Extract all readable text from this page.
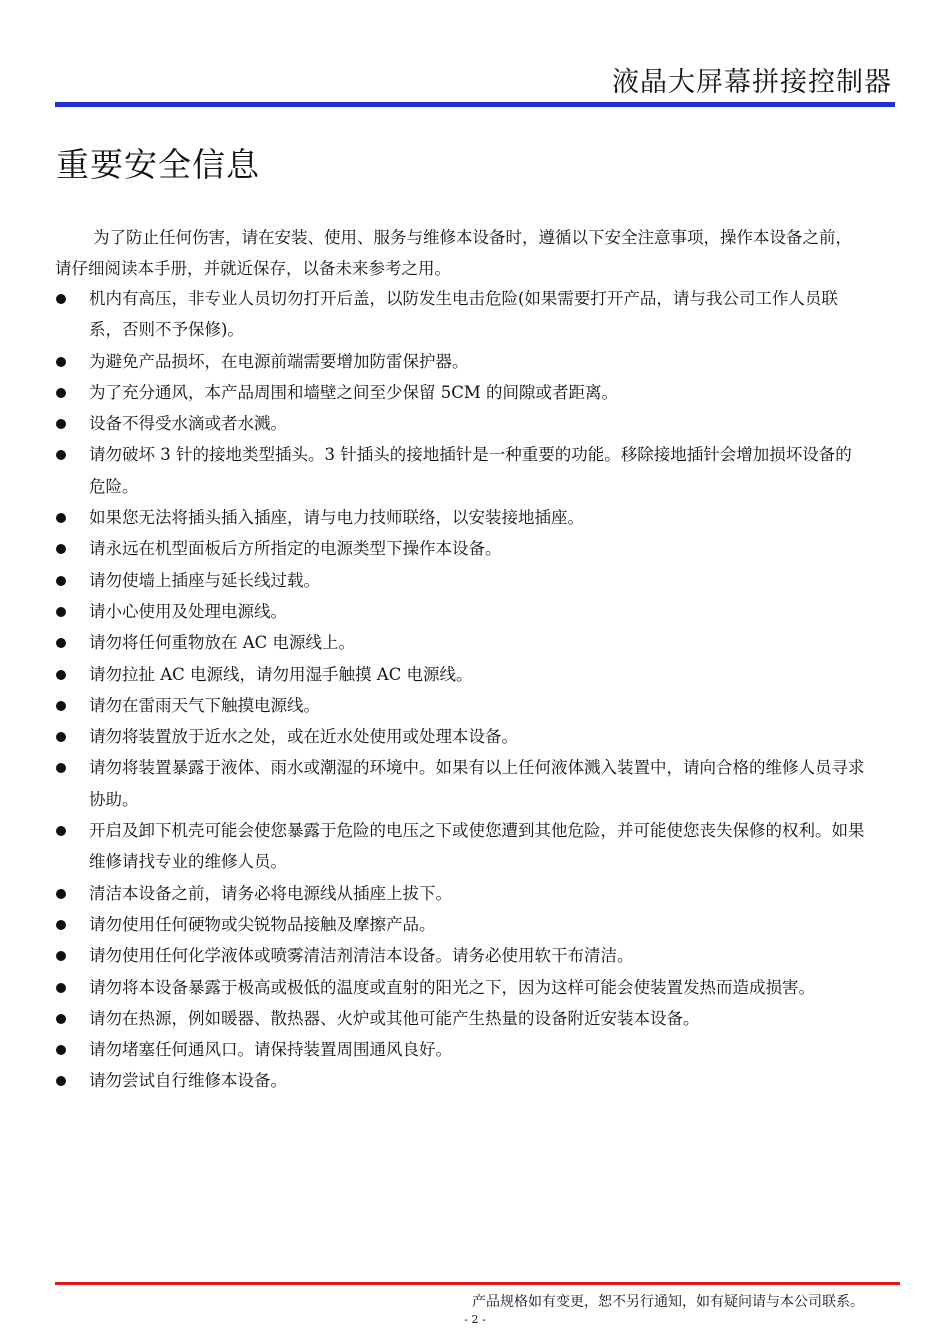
液晶大屏幕拼接控制器
重要安全信息

为了防止任何伤害，请在安装、使用、服务与维修本设备时，遵循以下安全注意事项，操作本设备之前，请仔细阅读本手册，并就近保存，以备未来参考之用。

机内有高压，非专业人员切勿打开后盖，以防发生电击危险(如果需要打开产品，请与我公司工作人员联系，否则不予保修)。
为避免产品损坏，在电源前端需要增加防雷保护器。
为了充分通风，本产品周围和墙壁之间至少保留 5CM 的间隙或者距离。
设备不得受水滴或者水溅。
请勿破坏 3 针的接地类型插头。3 针插头的接地插针是一种重要的功能。移除接地插针会增加损坏设备的危险。
如果您无法将插头插入插座，请与电力技师联络，以安装接地插座。
请永远在机型面板后方所指定的电源类型下操作本设备。
请勿使墙上插座与延长线过载。
请小心使用及处理电源线。
请勿将任何重物放在 AC 电源线上。
请勿拉扯 AC 电源线，请勿用湿手触摸 AC 电源线。
请勿在雷雨天气下触摸电源线。
请勿将装置放于近水之处，或在近水处使用或处理本设备。
请勿将装置暴露于液体、雨水或潮湿的环境中。如果有以上任何液体溅入装置中，请向合格的维修人员寻求协助。
开启及卸下机壳可能会使您暴露于危险的电压之下或使您遭到其他危险，并可能使您丧失保修的权利。如果维修请找专业的维修人员。
清洁本设备之前，请务必将电源线从插座上拔下。
请勿使用任何硬物或尖锐物品接触及摩擦产品。
请勿使用任何化学液体或喷雾清洁剂清洁本设备。请务必使用软干布清洁。
请勿将本设备暴露于极高或极低的温度或直射的阳光之下，因为这样可能会使装置发热而造成损害。
请勿在热源，例如暖器、散热器、火炉或其他可能产生热量的设备附近安装本设备。
请勿堵塞任何通风口。请保持装置周围通风良好。
请勿尝试自行维修本设备。
产品规格如有变更，恕不另行通知，如有疑问请与本公司联系。
- 2 -
